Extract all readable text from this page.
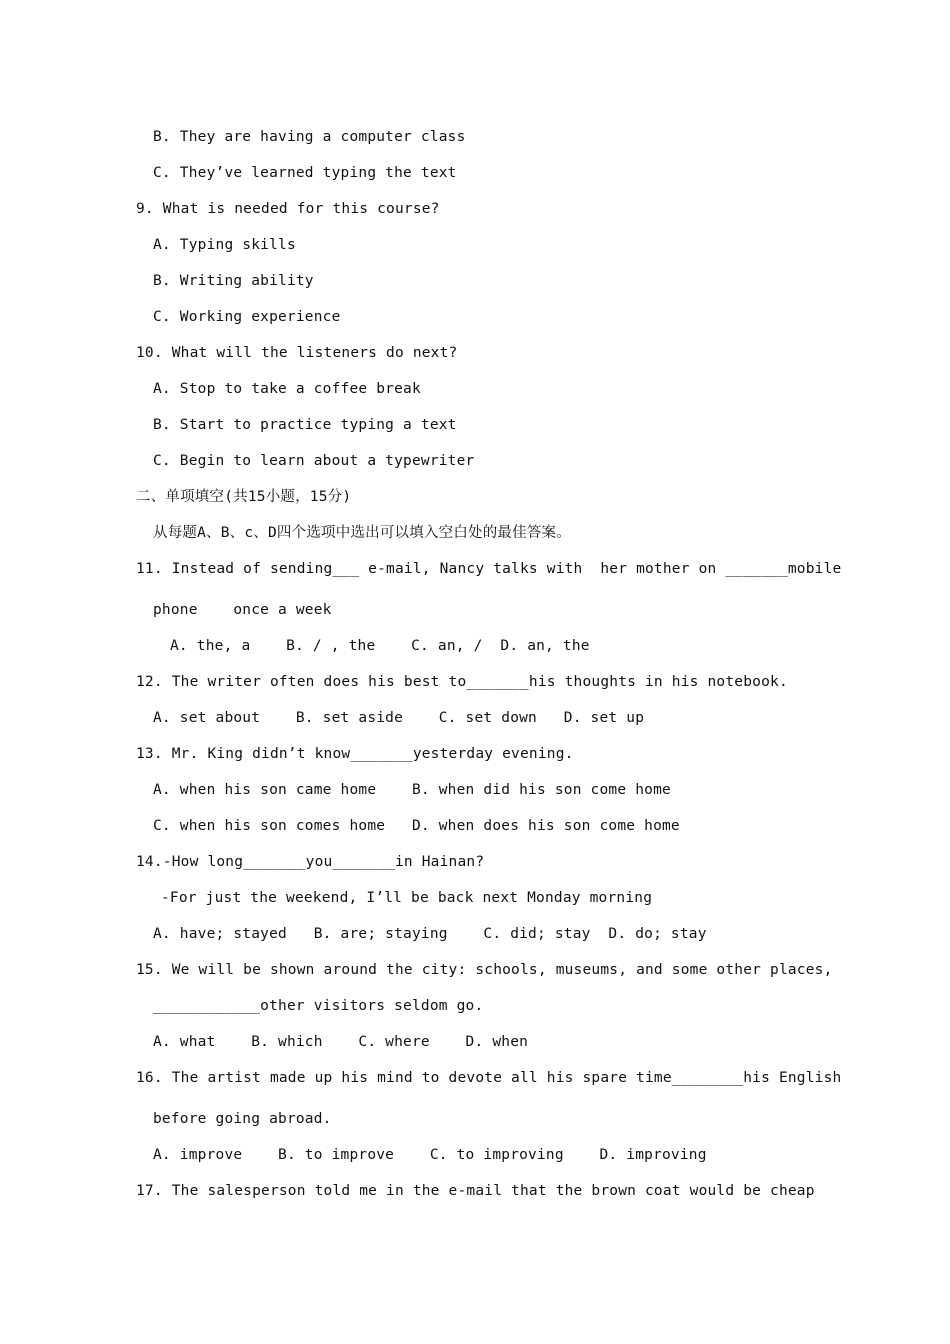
B. They are having a computer class
C. They’ve learned typing the text
9. What is needed for this course?
A. Typing skills
B. Writing ability
C. Working experience
10. What will the listeners do next?
A. Stop to take a coffee break
B. Start to practice typing a text
C. Begin to learn about a typewriter
二、单项填空(共15小题，15分)
从每题A、B、c、D四个选项中选出可以填入空白处的最佳答案。
11. Instead of sending___ e-mail, Nancy talks with  her mother on _______mobile
phone    once a week
A. the, a    B. / , the    C. an, /  D. an, the
12. The writer often does his best to_______his thoughts in his notebook.
A. set about    B. set aside    C. set down   D. set up
13. Mr. King didn’t know_______yesterday evening.
A. when his son came home    B. when did his son come home
C. when his son comes home   D. when does his son come home
14.-How long_______you_______in Hainan?
-For just the weekend, I’ll be back next Monday morning
A. have; stayed   B. are; staying    C. did; stay  D. do; stay
15. We will be shown around the city: schools, museums, and some other places,
____________other visitors seldom go.
A. what    B. which    C. where    D. when
16. The artist made up his mind to devote all his spare time________his English
before going abroad.
A. improve    B. to improve    C. to improving    D. improving
17. The salesperson told me in the e-mail that the brown coat would be cheap
